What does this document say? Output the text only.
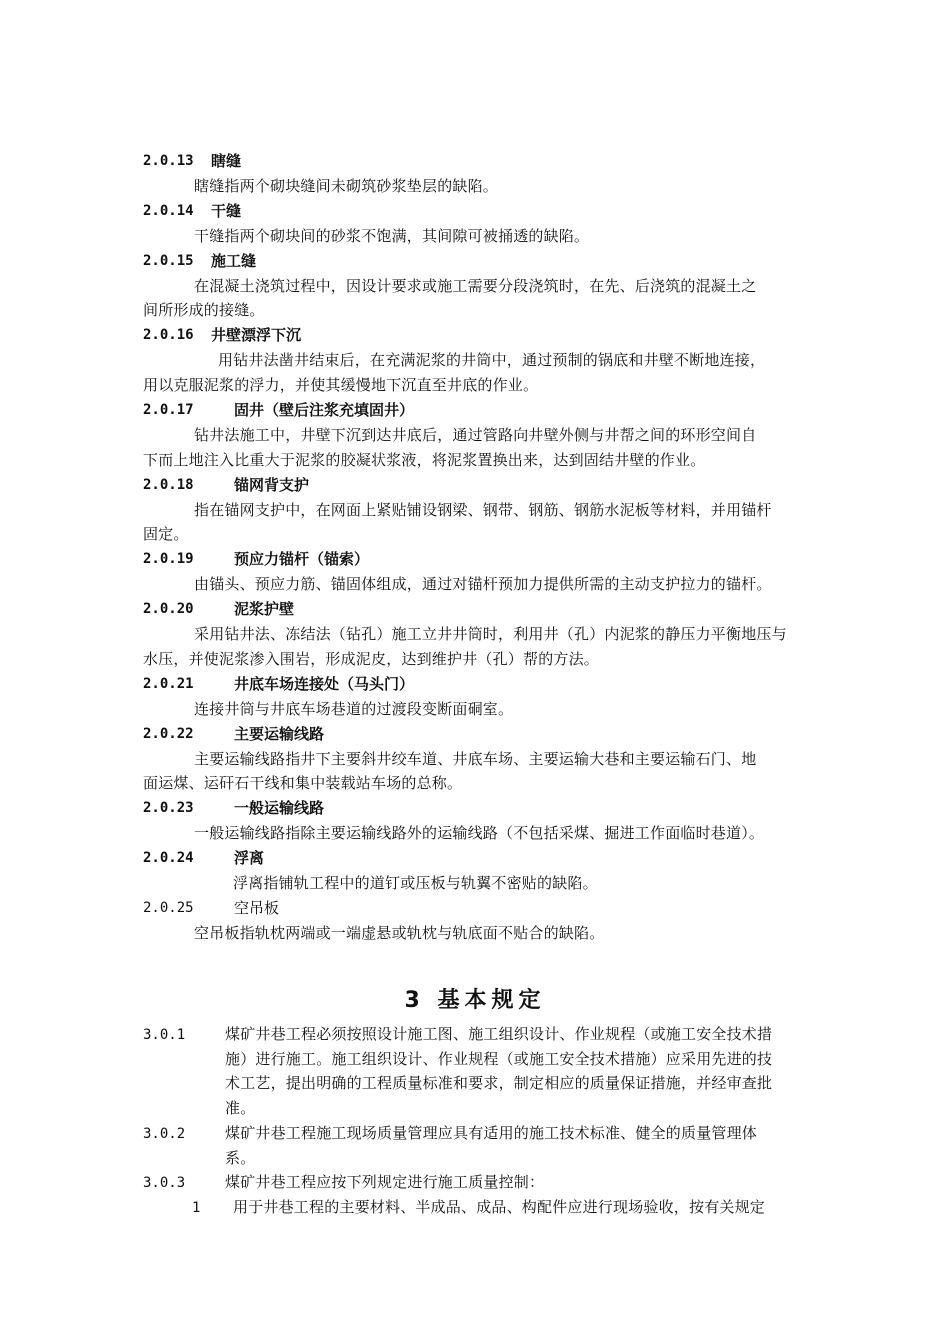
2.0.13 瞎缝
瞎缝指两个砌块缝间未砌筑砂浆垫层的缺陷。
2.0.14 干缝
干缝指两个砌块间的砂浆不饱满，其间隙可被捅透的缺陷。
2.0.15 施工缝
在混凝土浇筑过程中，因设计要求或施工需要分段浇筑时，在先、后浇筑的混凝土之
间所形成的接缝。
2.0.16 井壁漂浮下沉
用钻井法凿井结束后，在充满泥浆的井筒中，通过预制的锅底和井壁不断地连接，
用以克服泥浆的浮力，并使其缓慢地下沉直至井底的作业。
2.0.17	固井（壁后注浆充填固井）
钻井法施工中，井壁下沉到达井底后，通过管路向井壁外侧与井帮之间的环形空间自
下而上地注入比重大于泥浆的胶凝状浆液，将泥浆置换出来，达到固结井壁的作业。
2.0.18	锚网背支护
指在锚网支护中，在网面上紧贴铺设钢梁、钢带、钢筋、钢筋水泥板等材料，并用锚杆
固定。
2.0.19	预应力锚杆（锚索）
由锚头、预应力筋、锚固体组成，通过对锚杆预加力提供所需的主动支护拉力的锚杆。
2.0.20	泥浆护壁
采用钻井法、冻结法（钻孔）施工立井井筒时，利用井（孔）内泥浆的静压力平衡地压与
水压，并使泥浆渗入围岩，形成泥皮，达到维护井（孔）帮的方法。
2.0.21	井底车场连接处（马头门）
连接井筒与井底车场巷道的过渡段变断面硐室。
2.0.22	主要运输线路
主要运输线路指井下主要斜井绞车道、井底车场、主要运输大巷和主要运输石门、地
面运煤、运矸石干线和集中装载站车场的总称。
2.0.23	一般运输线路
一般运输线路指除主要运输线路外的运输线路（不包括采煤、掘进工作面临时巷道）。
2.0.24	浮离
浮离指铺轨工程中的道钉或压板与轨翼不密贴的缺陷。
2.0.25	空吊板
空吊板指轨枕两端或一端虚悬或轨枕与轨底面不贴合的缺陷。
3 基本规定
3.0.1	煤矿井巷工程必须按照设计施工图、施工组织设计、作业规程（或施工安全技术措
施）进行施工。施工组织设计、作业规程（或施工安全技术措施）应采用先进的技
术工艺，提出明确的工程质量标准和要求，制定相应的质量保证措施，并经审查批
准。
3.0.2	煤矿井巷工程施工现场质量管理应具有适用的施工技术标准、健全的质量管理体
系。
3.0.3	煤矿井巷工程应按下列规定进行施工质量控制：
1 用于井巷工程的主要材料、半成品、成品、构配件应进行现场验收，按有关规定
